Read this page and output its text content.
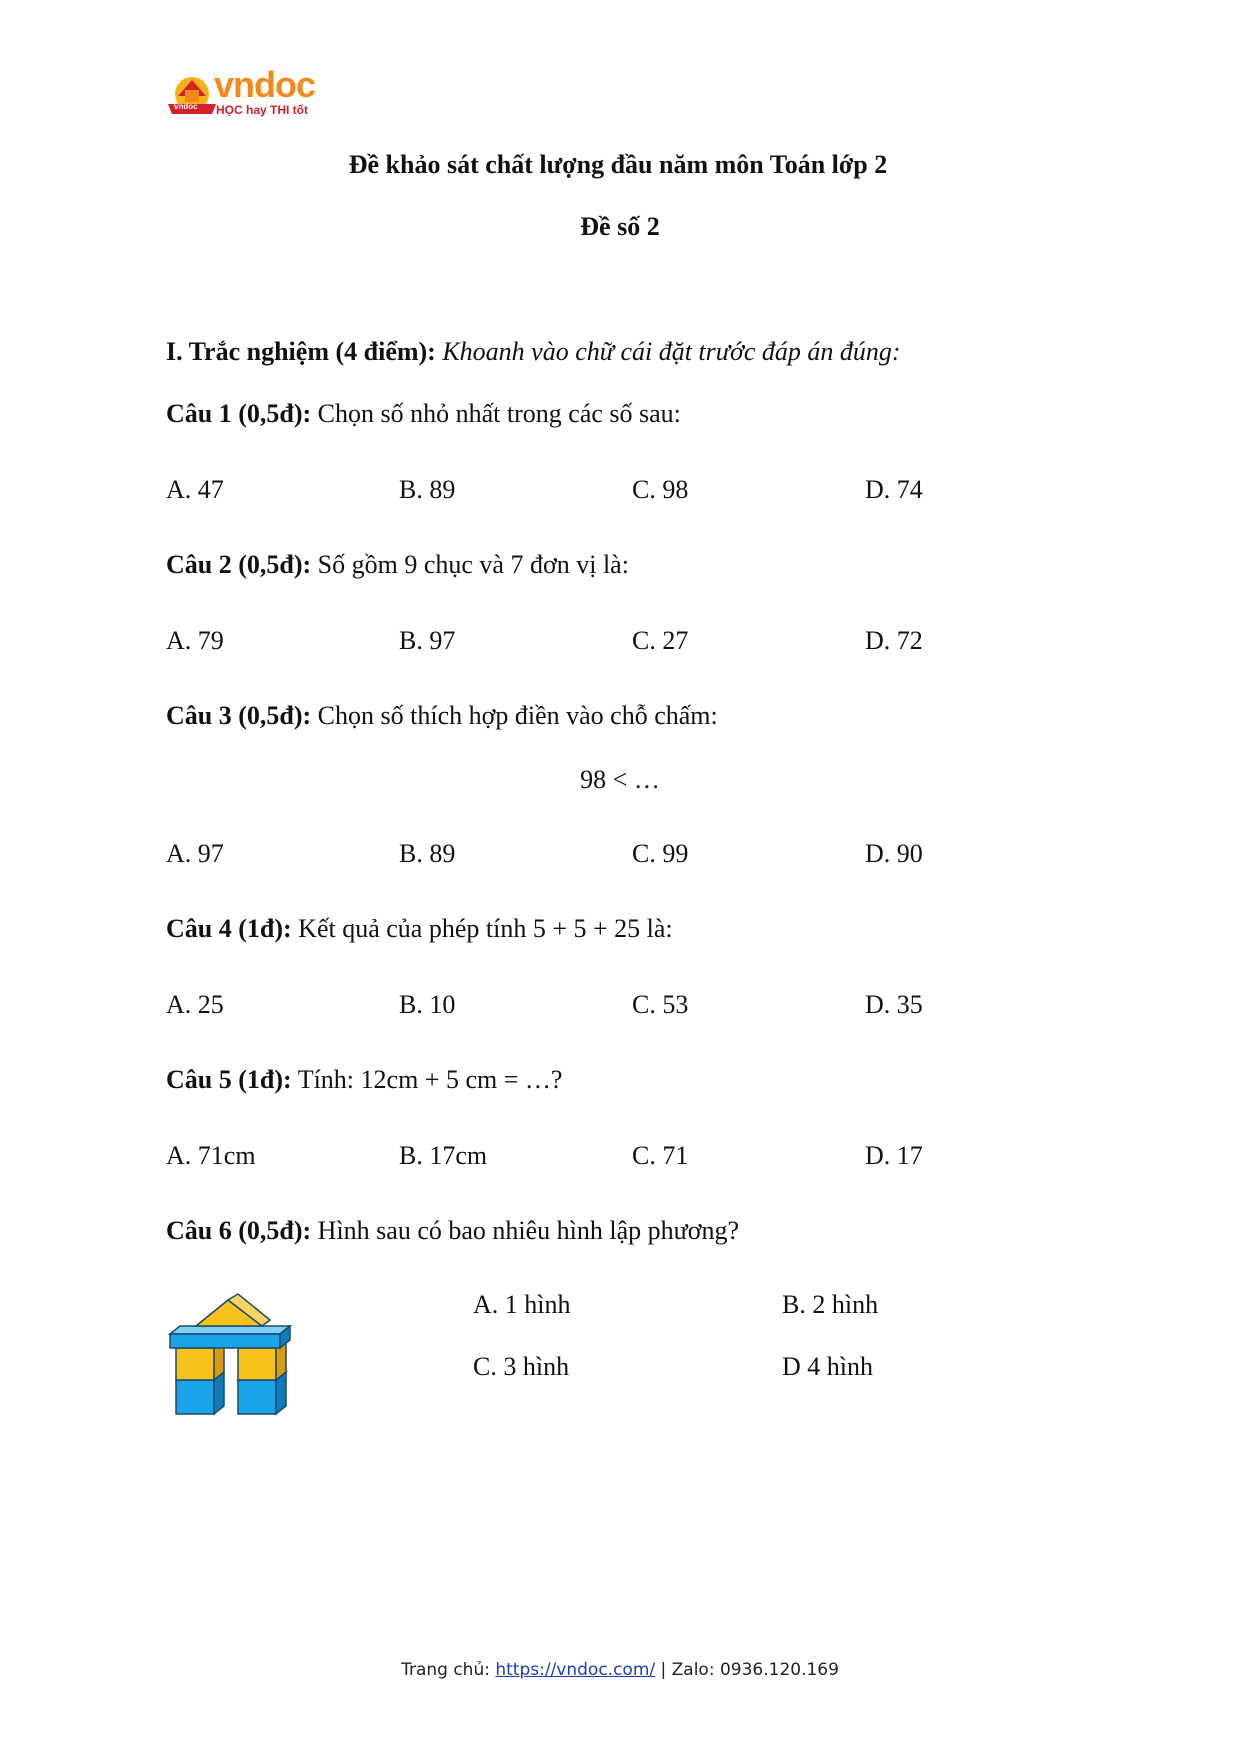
vndoc
vndoc
HỌC hay THI tốt
Đề khảo sát chất lượng đầu năm môn Toán lớp 2
Đề số 2
I. Trắc nghiệm (4 điểm): Khoanh vào chữ cái đặt trước đáp án đúng:
Câu 1 (0,5đ): Chọn số nhỏ nhất trong các số sau:
A. 47	B. 89	C. 98	D. 74
Câu 2 (0,5đ): Số gồm 9 chục và 7 đơn vị là:
A. 79	B. 97	C. 27	D. 72
Câu 3 (0,5đ): Chọn số thích hợp điền vào chỗ chấm:
98 < …
A. 97	B. 89	C. 99	D. 90
Câu 4 (1đ): Kết quả của phép tính 5 + 5 + 25 là:
A. 25	B. 10	C. 53	D. 35
Câu 5 (1đ): Tính: 12cm + 5 cm = …?
A. 71cm	B. 17cm	C. 71	D. 17
Câu 6 (0,5đ): Hình sau có bao nhiêu hình lập phương?
A. 1 hình	B. 2 hình
C. 3 hình	D 4 hình
Trang chủ: https://vndoc.com/ | Zalo: 0936.120.169
